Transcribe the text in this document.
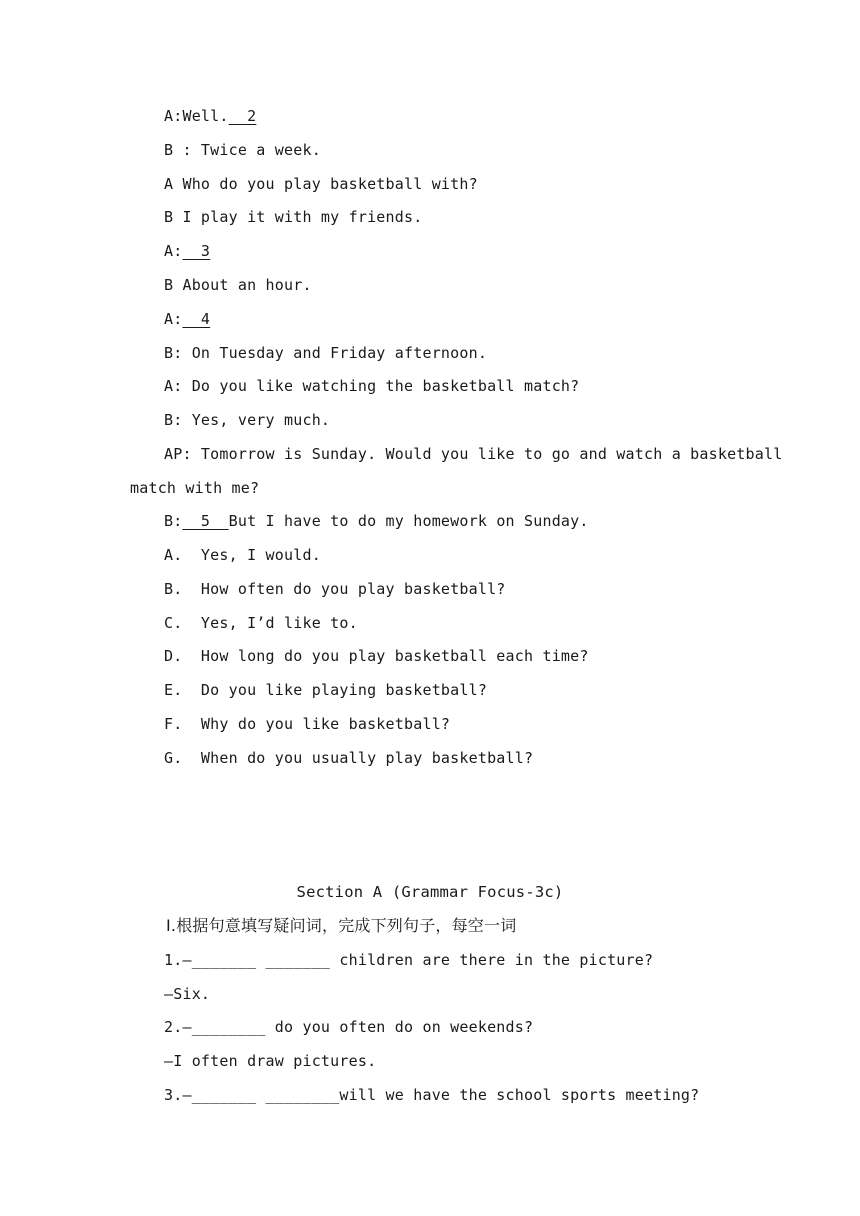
A:Well.  2
B : Twice a week.
A Who do you play basketball with?
B I play it with my friends.
A:  3
B About an hour.
A:  4
B: On Tuesday and Friday afternoon.
A: Do you like watching the basketball match?
B: Yes, very much.
AP: Tomorrow is Sunday. Would you like to go and watch a basketball
match with me?
B:  5  But I have to do my homework on Sunday.
A.  Yes, I would.
B.  How often do you play basketball?
C.  Yes, I’d like to.
D.  How long do you play basketball each time?
E.  Do you like playing basketball?
F.  Why do you like basketball?
G.  When do you usually play basketball?
Section A (Grammar Focus-3c)
Ⅰ.根据句意填写疑问词，完成下列句子，每空一词
1.—_______ _______ children are there in the picture?
—Six.
2.—________ do you often do on weekends?
—I often draw pictures.
3.—_______ ________will we have the school sports meeting?
